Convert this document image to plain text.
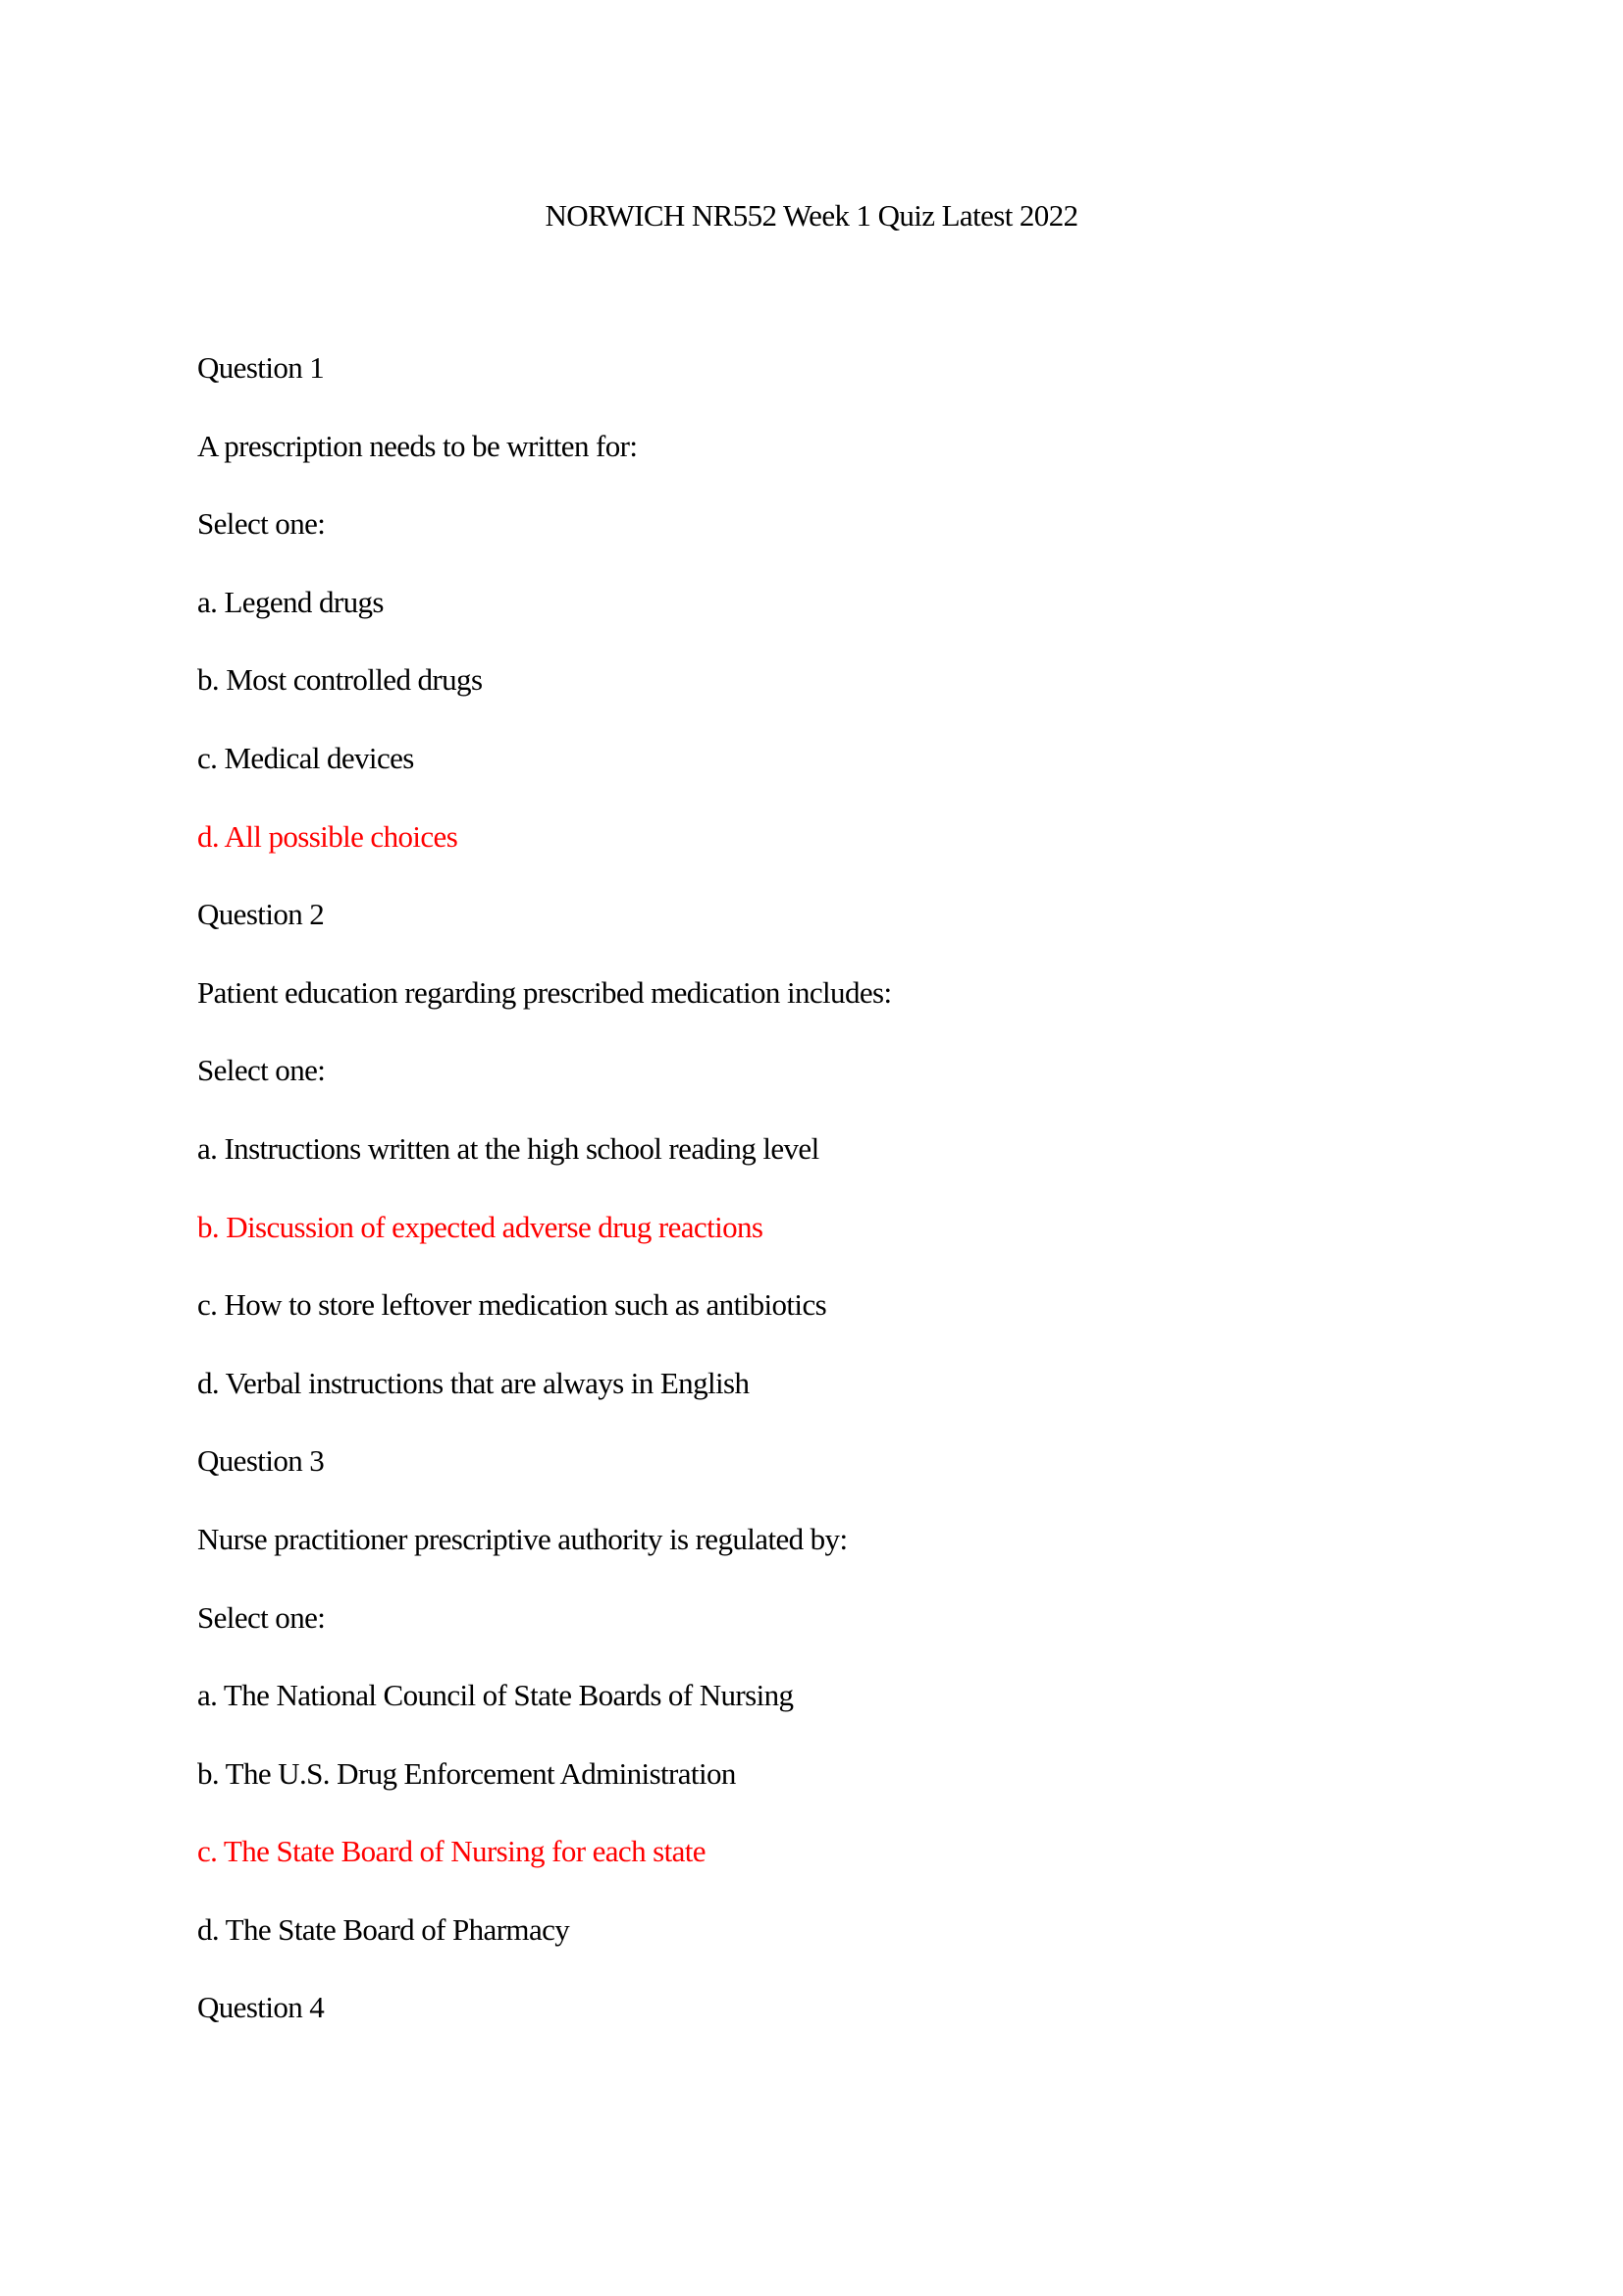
NORWICH NR552 Week 1 Quiz Latest 2022
Question 1
A prescription needs to be written for:
Select one:
a. Legend drugs
b. Most controlled drugs
c. Medical devices
d. All possible choices
Question 2
Patient education regarding prescribed medication includes:
Select one:
a. Instructions written at the high school reading level
b. Discussion of expected adverse drug reactions
c. How to store leftover medication such as antibiotics
d. Verbal instructions that are always in English
Question 3
Nurse practitioner prescriptive authority is regulated by:
Select one:
a. The National Council of State Boards of Nursing
b. The U.S. Drug Enforcement Administration
c. The State Board of Nursing for each state
d. The State Board of Pharmacy
Question 4
